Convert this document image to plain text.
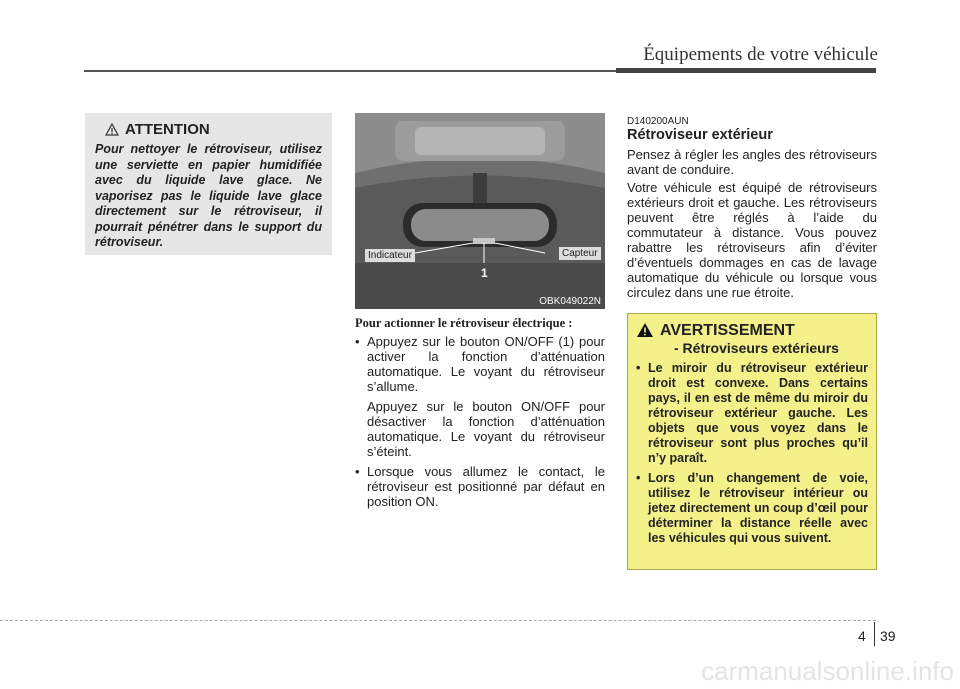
Équipements de votre véhicule
ATTENTION
Pour nettoyer le rétroviseur, utilisez une serviette en papier humidifiée avec du liquide lave glace. Ne vaporisez pas le liquide lave glace directement sur le rétroviseur, il pourrait pénétrer dans le support du rétroviseur.
Indicateur	Capteur
1
OBK049022N
Pour actionner le rétroviseur électrique :
• Appuyez sur le bouton ON/OFF (1) pour activer la fonction d’atténuation automatique. Le voyant du rétroviseur s’allume.
Appuyez sur le bouton ON/OFF pour désactiver la fonction d’atténuation automatique. Le voyant du rétroviseur s’éteint.
• Lorsque vous allumez le contact, le rétroviseur est positionné par défaut en position ON.
D140200AUN
Rétroviseur extérieur
Pensez à régler les angles des rétroviseurs avant de conduire.
Votre véhicule est équipé de rétroviseurs extérieurs droit et gauche. Les rétroviseurs peuvent être réglés à l’aide du commutateur à distance. Vous pouvez rabattre les rétroviseurs afin d’éviter d’éventuels dommages en cas de lavage automatique du véhicule ou lorsque vous circulez dans une rue étroite.
AVERTISSEMENT
- Rétroviseurs extérieurs
• Le miroir du rétroviseur extérieur droit est convexe. Dans certains pays, il en est de même du miroir du rétroviseur extérieur gauche. Les objets que vous voyez dans le rétroviseur sont plus proches qu’il n’y paraît.
• Lors d’un changement de voie, utilisez le rétroviseur intérieur ou jetez directement un coup d’œil pour déterminer la distance réelle avec les véhicules qui vous suivent.
4 39
carmanualsonline.info
